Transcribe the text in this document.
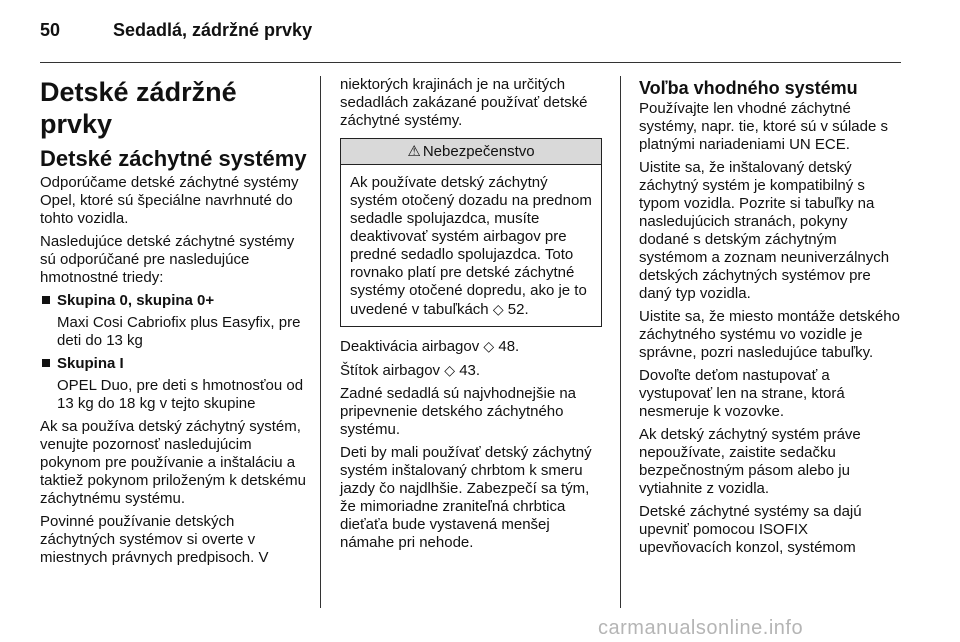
50	Sedadlá, zádržné prvky
Detské zádržné prvky
Detské záchytné systémy

Odporúčame detské záchytné systémy Opel, ktoré sú špeciálne navrhnuté do tohto vozidla.

Nasledujúce detské záchytné systémy sú odporúčané pre nasledujúce hmotnostné triedy:

Skupina 0, skupina 0+
Maxi Cosi Cabriofix plus Easyfix, pre deti do 13 kg
Skupina I
OPEL Duo, pre deti s hmotnosťou od 13 kg do 18 kg v tejto skupine

Ak sa používa detský záchytný systém, venujte pozornosť nasledujúcim pokynom pre používanie a inštaláciu a taktiež pokynom priloženým k detskému záchytnému systému.

Povinné používanie detských záchytných systémov si overte v miestnych právnych predpisoch. V

niektorých krajinách je na určitých sedadlách zakázané používať detské záchytné systémy.

⚠ Nebezpečenstvo
Ak používate detský záchytný systém otočený dozadu na prednom sedadle spolujazdca, musíte deaktivovať systém airbagov pre predné sedadlo spolujazdca. Toto rovnako platí pre detské záchytné systémy otočené dopredu, ako je to uvedené v tabuľkách ◇ 52.

Deaktivácia airbagov ◇ 48.

Štítok airbagov ◇ 43.

Zadné sedadlá sú najvhodnejšie na pripevnenie detského záchytného systému.

Deti by mali používať detský záchytný systém inštalovaný chrbtom k smeru jazdy čo najdlhšie. Zabezpečí sa tým, že mimoriadne zraniteľná chrbtica dieťaťa bude vystavená menšej námahe pri nehode.

Voľba vhodného systému

Používajte len vhodné záchytné systémy, napr. tie, ktoré sú v súlade s platnými nariadeniami UN ECE.

Uistite sa, že inštalovaný detský záchytný systém je kompatibilný s typom vozidla. Pozrite si tabuľky na nasledujúcich stranách, pokyny dodané s detským záchytným systémom a zoznam neuniverzálnych detských záchytných systémov pre daný typ vozidla.

Uistite sa, že miesto montáže detského záchytného systému vo vozidle je správne, pozri nasledujúce tabuľky.

Dovoľte deťom nastupovať a vystupovať len na strane, ktorá nesmeruje k vozovke.

Ak detský záchytný systém práve nepoužívate, zaistite sedačku bezpečnostným pásom alebo ju vytiahnite z vozidla.

Detské záchytné systémy sa dajú upevniť pomocou ISOFIX upevňovacích konzol, systémom

carmanualsonline.info
